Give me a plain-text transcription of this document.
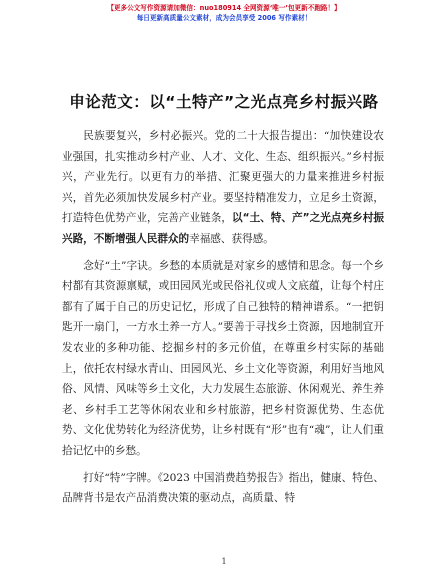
【更多公文写作资源请加微信：nuo180914 全网资源‘唯一’包更新不跑路！】
每日更新高质量公文素材，成为会员享受 2006 写作素材！
申论范文：以“土特产”之光点亮乡村振兴路

民族要复兴，乡村必振兴。党的二十大报告提出：“加快建设农业强国，扎实推动乡村产业、人才、文化、生态、组织振兴。”乡村振兴，产业先行。以更有力的举措、汇聚更强大的力量来推进乡村振兴，首先必须加快发展乡村产业。要坚持精准发力，立足乡土资源，打造特色优势产业，完善产业链条，以“土、特、产”之光点亮乡村振兴路，不断增强人民群众的幸福感、获得感。

念好“土”字诀。乡愁的本质就是对家乡的感情和思念。每一个乡村都有其资源禀赋，或田园风光或民俗礼仪或人文底蕴，让每个村庄都有了属于自己的历史记忆，形成了自己独特的精神谱系。“一把钥匙开一扇门，一方水土养一方人。”要善于寻找乡土资源，因地制宜开发农业的多种功能、挖掘乡村的多元价值，在尊重乡村实际的基础上，依托农村绿水青山、田园风光、乡土文化等资源，利用好当地风俗、风情、风味等乡土文化，大力发展生态旅游、休闲观光、养生养老、乡村手工艺等休闲农业和乡村旅游，把乡村资源优势、生态优势、文化优势转化为经济优势，让乡村既有“形”也有“魂”，让人们重拾记忆中的乡愁。

打好“特”字牌。《2023 中国消费趋势报告》指出，健康、特色、品牌背书是农产品消费决策的驱动点，高质量、特

1
